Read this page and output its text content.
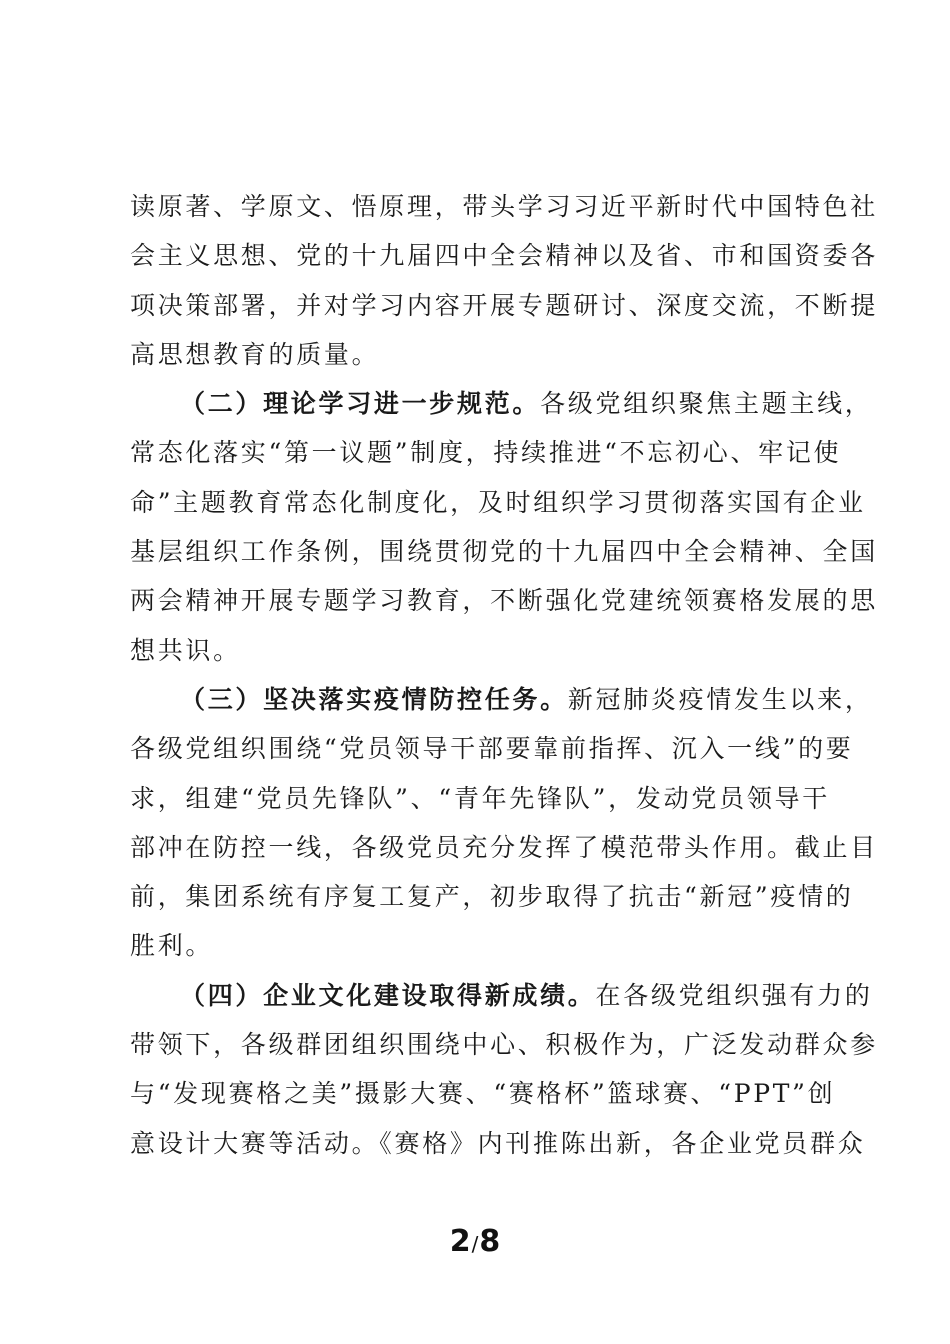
读原著、学原文、悟原理，带头学习习近平新时代中国特色社
会主义思想、党的十九届四中全会精神以及省、市和国资委各
项决策部署，并对学习内容开展专题研讨、深度交流，不断提
高思想教育的质量。
（二）理论学习进一步规范。各级党组织聚焦主题主线，
常态化落实“第一议题”制度，持续推进“不忘初心、牢记使
命”主题教育常态化制度化，及时组织学习贯彻落实国有企业
基层组织工作条例，围绕贯彻党的十九届四中全会精神、全国
两会精神开展专题学习教育，不断强化党建统领赛格发展的思
想共识。
（三）坚决落实疫情防控任务。新冠肺炎疫情发生以来，
各级党组织围绕“党员领导干部要靠前指挥、沉入一线”的要
求，组建“党员先锋队”、“青年先锋队”，发动党员领导干
部冲在防控一线，各级党员充分发挥了模范带头作用。截止目
前，集团系统有序复工复产，初步取得了抗击“新冠”疫情的
胜利。
（四）企业文化建设取得新成绩。在各级党组织强有力的
带领下，各级群团组织围绕中心、积极作为，广泛发动群众参
与“发现赛格之美”摄影大赛、“赛格杯”篮球赛、“PPT”创
意设计大赛等活动。《赛格》内刊推陈出新，各企业党员群众
2/8
